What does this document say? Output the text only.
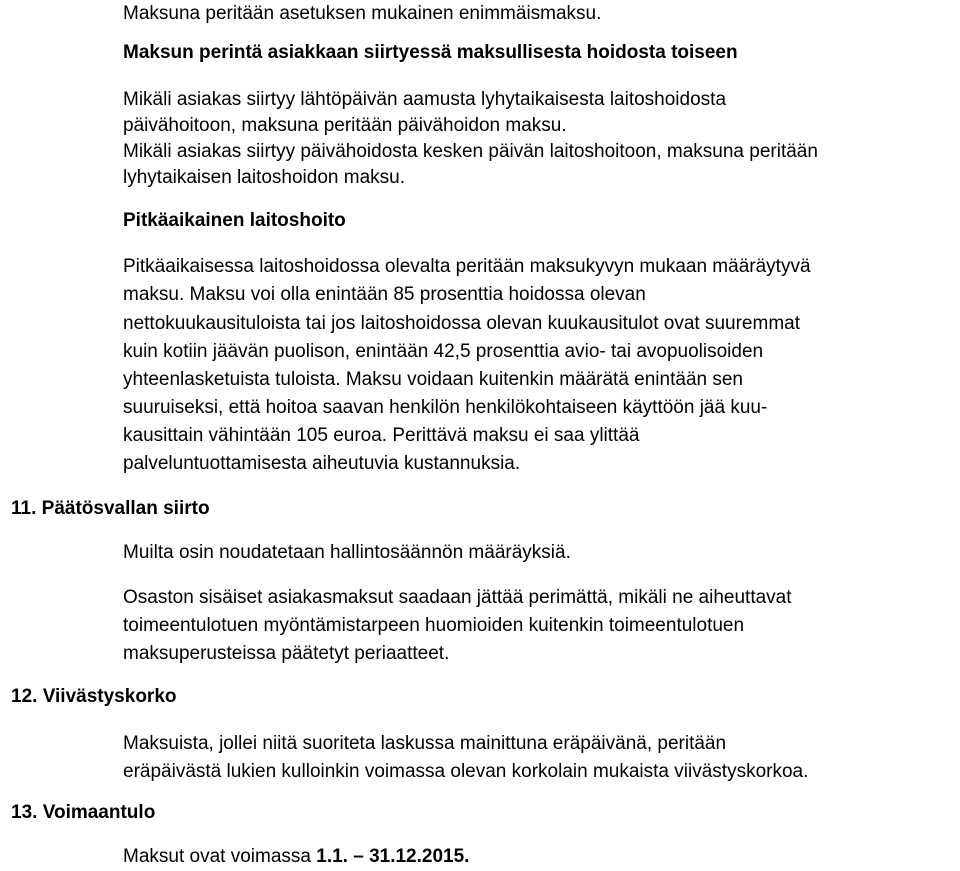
Maksuna peritään asetuksen mukainen enimmäismaksu.
Maksun perintä asiakkaan siirtyessä maksullisesta hoidosta toiseen
Mikäli asiakas siirtyy lähtöpäivän aamusta lyhytaikaisesta laitoshoidosta
päivähoitoon, maksuna peritään päivähoidon maksu.
Mikäli asiakas siirtyy päivähoidosta kesken päivän laitoshoitoon, maksuna peritään
lyhytaikaisen laitoshoidon maksu.
Pitkäaikainen laitoshoito
Pitkäaikaisessa laitoshoidossa olevalta peritään maksukyvyn mukaan määräytyvä
maksu. Maksu voi olla enintään 85 prosenttia hoidossa olevan
nettokuukausituloista tai jos laitoshoidossa olevan kuukausitulot ovat suuremmat
kuin kotiin jäävän puolison, enintään 42,5 prosenttia avio- tai avopuolisoiden
yhteenlasketuista tuloista. Maksu voidaan kuitenkin määrätä enintään sen
suuruiseksi, että hoitoa saavan henkilön henkilökohtaiseen käyttöön jää kuu-
kausittain vähintään 105 euroa. Perittävä maksu ei saa ylittää
palveluntuottamisesta aiheutuvia kustannuksia.
11. Päätösvallan siirto
Muilta osin noudatetaan hallintosäännön määräyksiä.
Osaston sisäiset asiakasmaksut saadaan jättää perimättä, mikäli ne aiheuttavat
toimeentulotuen myöntämistarpeen huomioiden kuitenkin toimeentulotuen
maksuperusteissa päätetyt periaatteet.
12. Viivästyskorko
Maksuista, jollei niitä suoriteta laskussa mainittuna eräpäivänä, peritään
eräpäivästä lukien kulloinkin voimassa olevan korkolain mukaista viivästyskorkoa.
13. Voimaantulo
Maksut ovat voimassa 1.1. – 31.12.2015.
